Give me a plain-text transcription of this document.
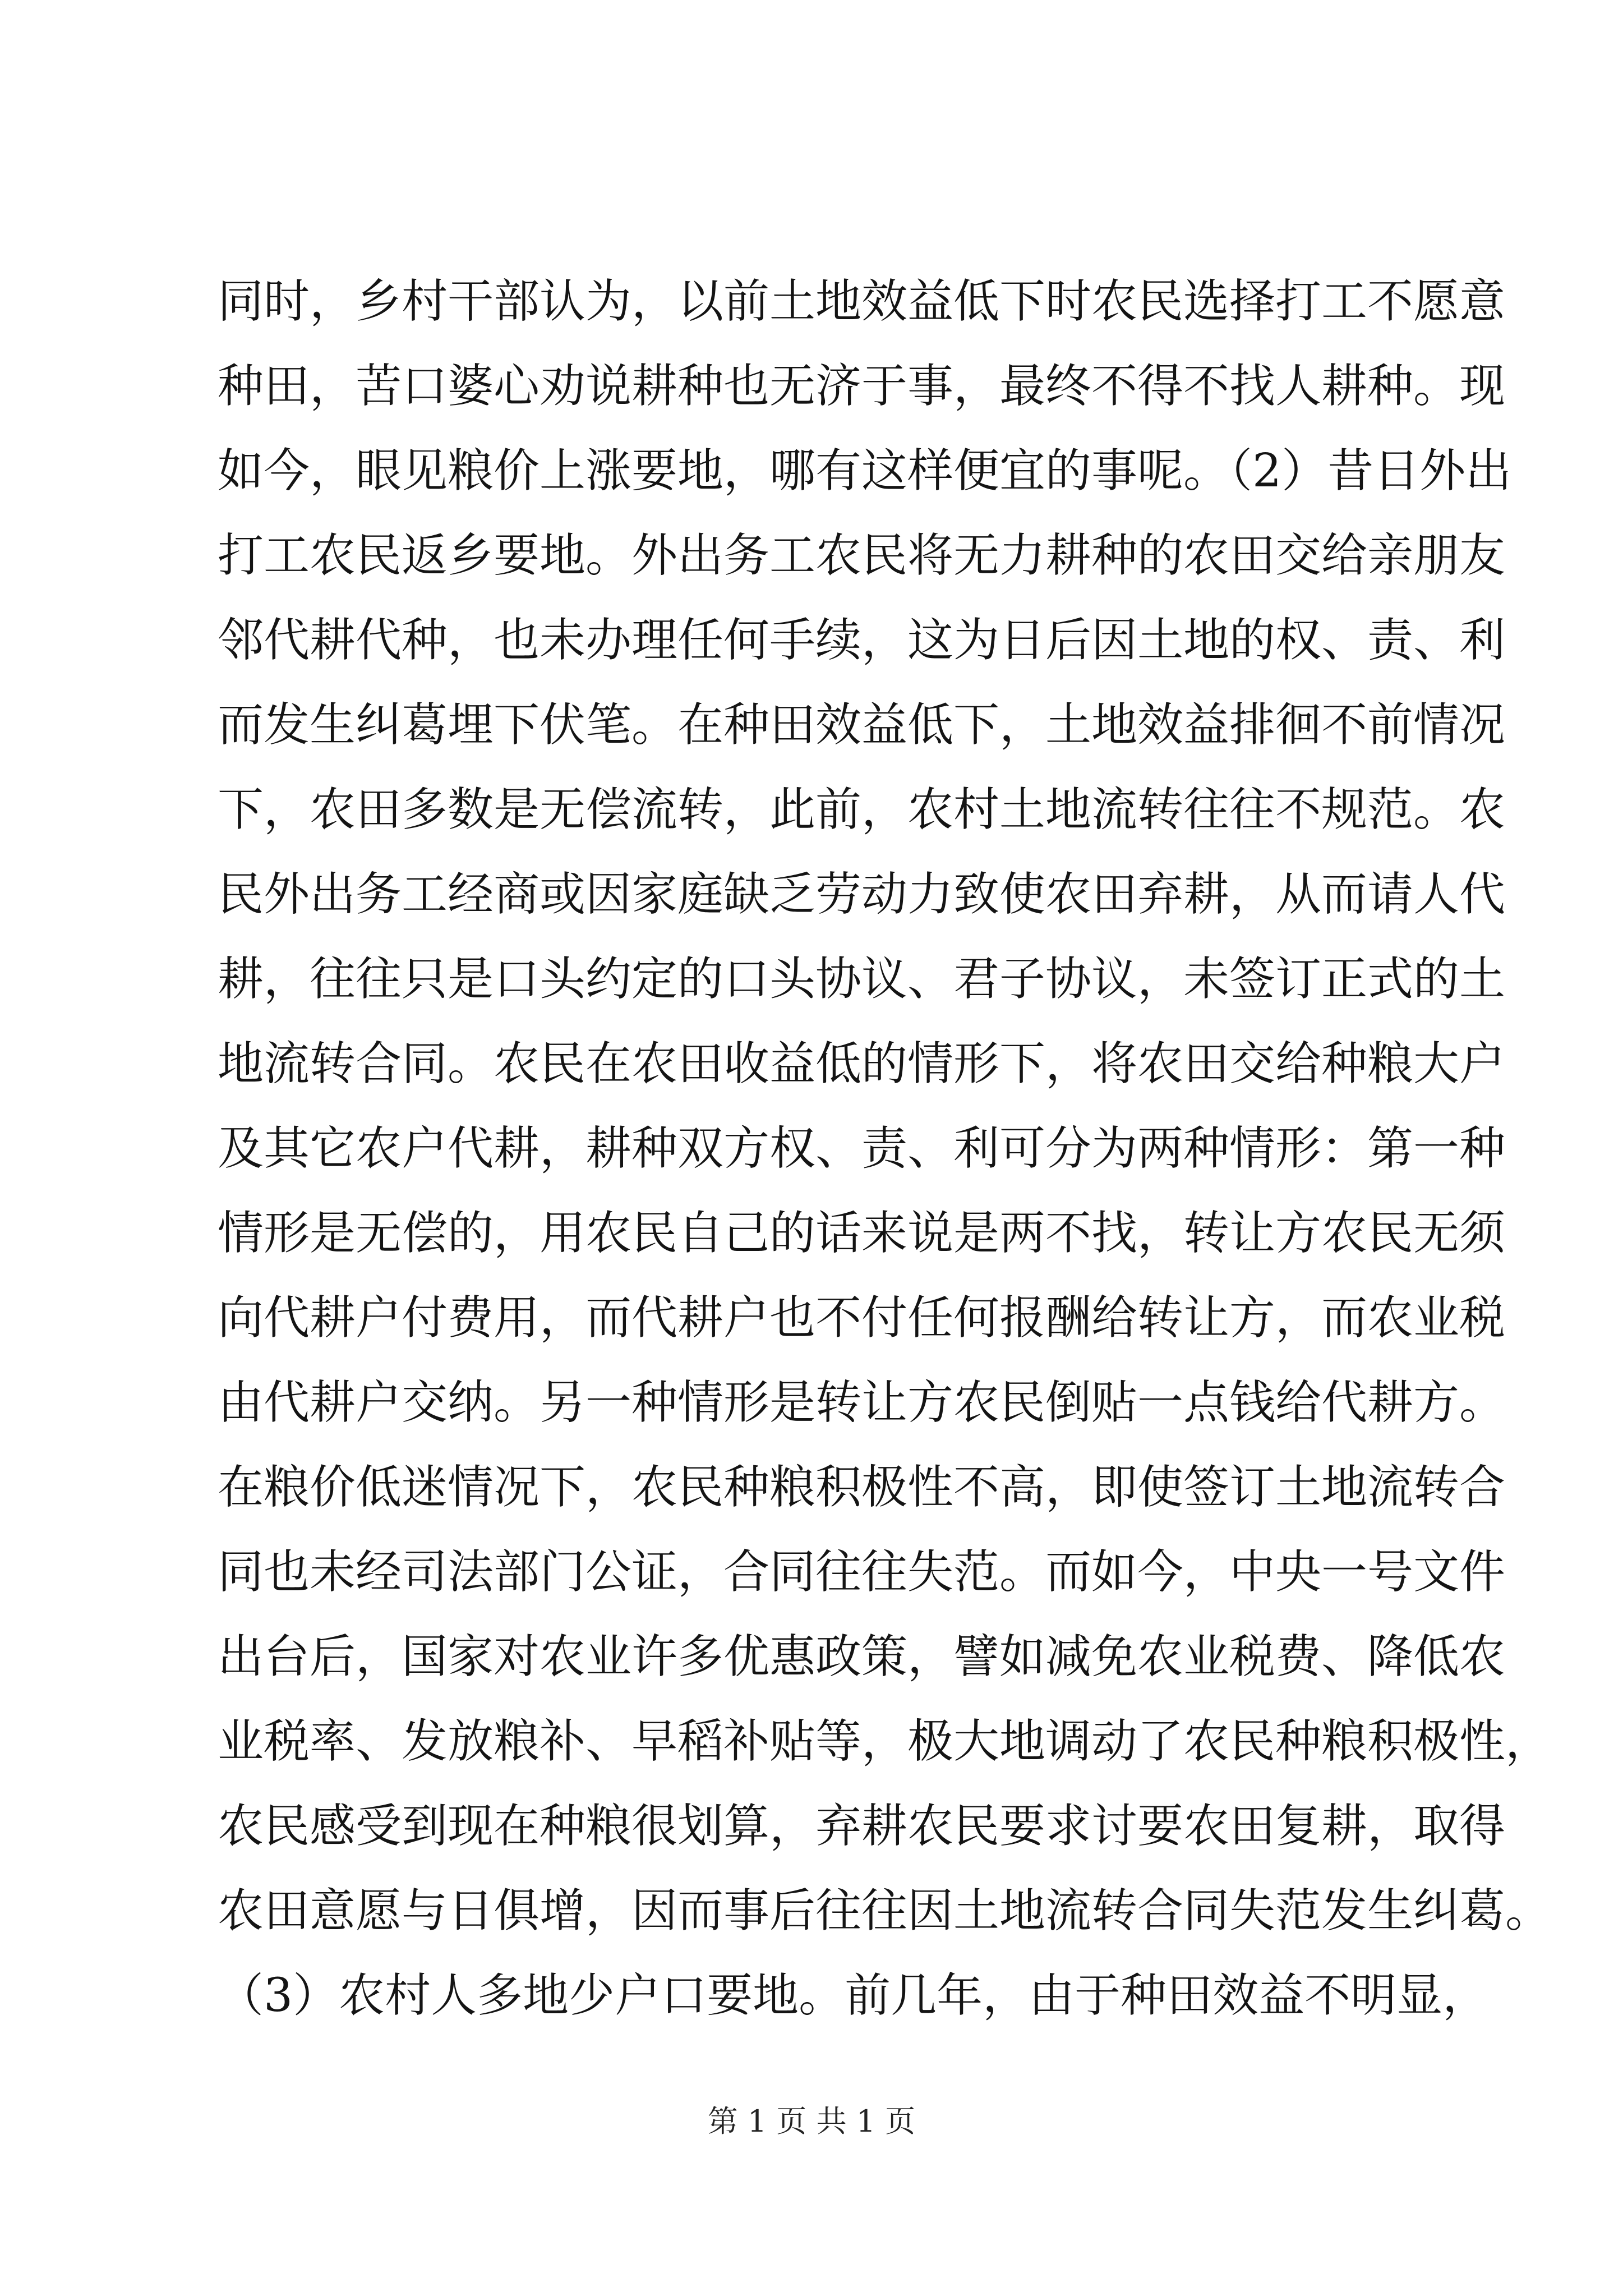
同时，乡村干部认为，以前土地效益低下时农民选择打工不愿意
种田，苦口婆心劝说耕种也无济于事，最终不得不找人耕种。现
如今，眼见粮价上涨要地，哪有这样便宜的事呢。（2）昔日外出
打工农民返乡要地。外出务工农民将无力耕种的农田交给亲朋友
邻代耕代种，也未办理任何手续，这为日后因土地的权、责、利
而发生纠葛埋下伏笔。在种田效益低下，土地效益排徊不前情况
下，农田多数是无偿流转，此前，农村土地流转往往不规范。农
民外出务工经商或因家庭缺乏劳动力致使农田弃耕，从而请人代
耕，往往只是口头约定的口头协议、君子协议，未签订正式的土
地流转合同。农民在农田收益低的情形下，将农田交给种粮大户
及其它农户代耕，耕种双方权、责、利可分为两种情形：第一种
情形是无偿的，用农民自己的话来说是两不找，转让方农民无须
向代耕户付费用，而代耕户也不付任何报酬给转让方，而农业税
由代耕户交纳。另一种情形是转让方农民倒贴一点钱给代耕方。
在粮价低迷情况下，农民种粮积极性不高，即使签订土地流转合
同也未经司法部门公证，合同往往失范。而如今，中央一号文件
出台后，国家对农业许多优惠政策，譬如减免农业税费、降低农
业税率、发放粮补、早稻补贴等，极大地调动了农民种粮积极性，
农民感受到现在种粮很划算，弃耕农民要求讨要农田复耕，取得
农田意愿与日俱增，因而事后往往因土地流转合同失范发生纠葛。
（3）农村人多地少户口要地。前几年，由于种田效益不明显，
第 1 页 共 1 页
